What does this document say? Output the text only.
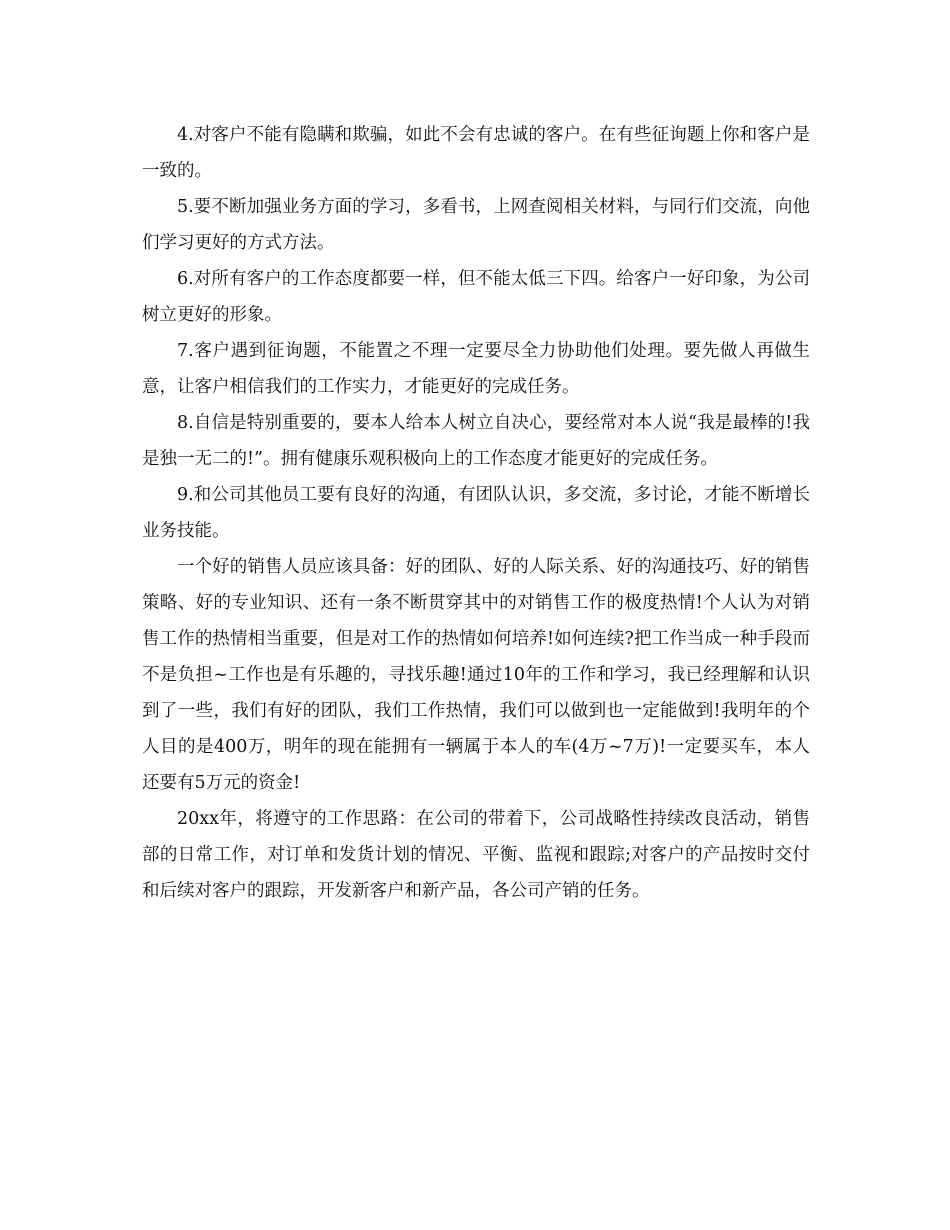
4.对客户不能有隐瞒和欺骗，如此不会有忠诚的客户。在有些征询题上你和客户是一致的。

5.要不断加强业务方面的学习，多看书，上网查阅相关材料，与同行们交流，向他们学习更好的方式方法。

6.对所有客户的工作态度都要一样，但不能太低三下四。给客户一好印象，为公司树立更好的形象。

7.客户遇到征询题，不能置之不理一定要尽全力协助他们处理。要先做人再做生意，让客户相信我们的工作实力，才能更好的完成任务。

8.自信是特别重要的，要本人给本人树立自决心，要经常对本人说“我是最棒的!我是独一无二的!”。拥有健康乐观积极向上的工作态度才能更好的完成任务。

9.和公司其他员工要有良好的沟通，有团队认识，多交流，多讨论，才能不断增长业务技能。

一个好的销售人员应该具备：好的团队、好的人际关系、好的沟通技巧、好的销售策略、好的专业知识、还有一条不断贯穿其中的对销售工作的极度热情!个人认为对销售工作的热情相当重要，但是对工作的热情如何培养!如何连续?把工作当成一种手段而不是负担~工作也是有乐趣的，寻找乐趣!通过10年的工作和学习，我已经理解和认识到了一些，我们有好的团队，我们工作热情，我们可以做到也一定能做到!我明年的个人目的是400万，明年的现在能拥有一辆属于本人的车(4万~7万)!一定要买车，本人还要有5万元的资金!

20xx年，将遵守的工作思路：在公司的带着下，公司战略性持续改良活动，销售部的日常工作，对订单和发货计划的情况、平衡、监视和跟踪;对客户的产品按时交付和后续对客户的跟踪，开发新客户和新产品，各公司产销的任务。
